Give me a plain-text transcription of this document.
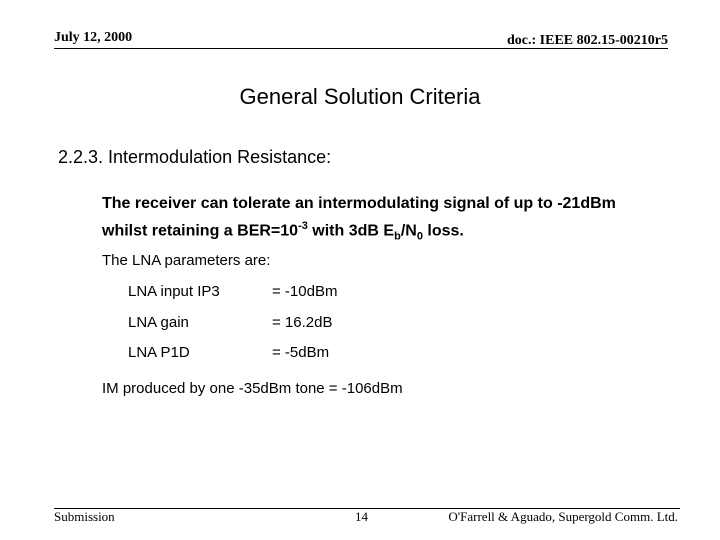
July 12, 2000	doc.: IEEE 802.15-00210r5
General Solution Criteria
2.2.3. Intermodulation Resistance:
The receiver can tolerate an intermodulating signal of up to -21dBm
whilst retaining a $BER=10^{-3}$ with 3dB $E_b/N_0$ loss.
The LNA parameters are:
LNA input IP3	= -10dBm
LNA gain	= 16.2dB
LNA P1D	= -5dBm
IM produced by one -35dBm tone = -106dBm
Submission	14	O'Farrell & Aguado, Supergold Comm. Ltd.
